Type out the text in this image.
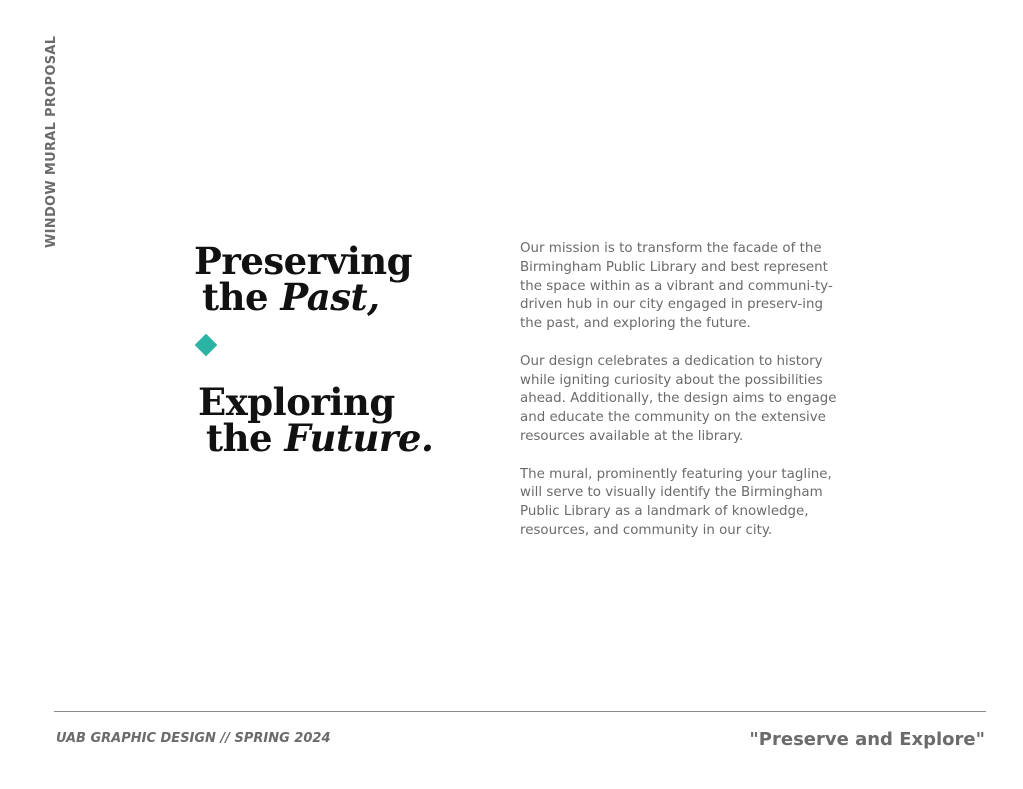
WINDOW MURAL PROPOSAL
Preserving
the Past,
Exploring
the Future.

Our mission is to transform the facade of the Birmingham Public Library and best represent the space within as a vibrant and communi-ty-driven hub in our city engaged in preserv-ing the past, and exploring the future.

Our design celebrates a dedication to history while igniting curiosity about the possibilities ahead. Additionally, the design aims to engage and educate the community on the extensive resources available at the library.

The mural, prominently featuring your tagline, will serve to visually identify the Birmingham Public Library as a landmark of knowledge, resources, and community in our city.

UAB GRAPHIC DESIGN // SPRING 2024	"Preserve and Explore"
